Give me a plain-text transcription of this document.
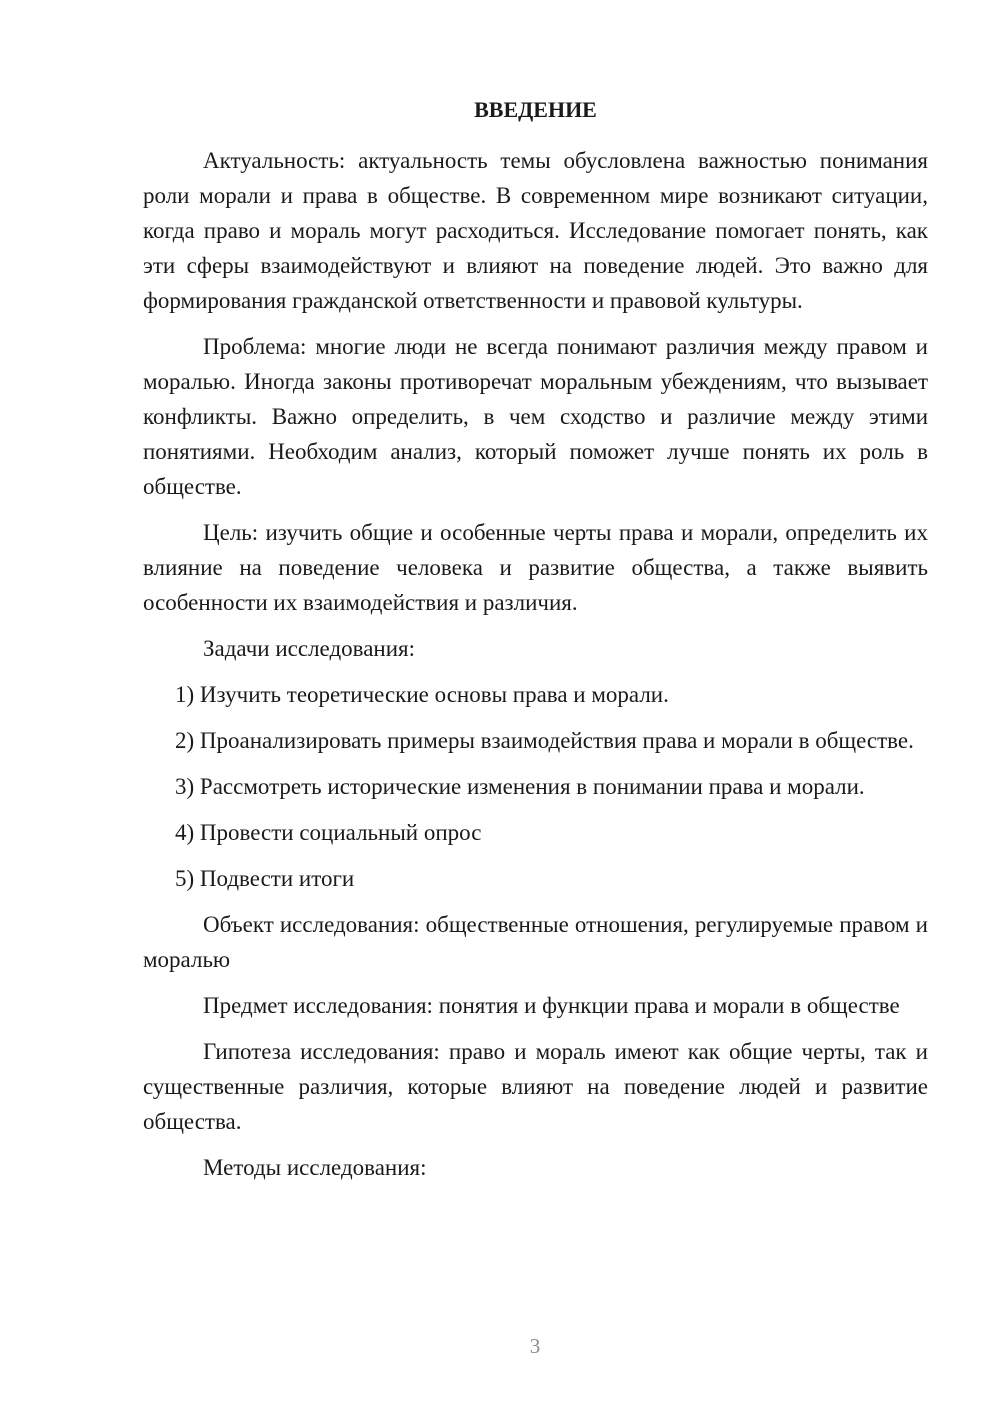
ВВЕДЕНИЕ

Актуальность: актуальность темы обусловлена важностью понимания роли морали и права в обществе. В современном мире возникают ситуации, когда право и мораль могут расходиться. Исследование помогает понять, как эти сферы взаимодействуют и влияют на поведение людей. Это важно для формирования гражданской ответственности и правовой культуры.

Проблема: многие люди не всегда понимают различия между правом и моралью. Иногда законы противоречат моральным убеждениям, что вызывает конфликты. Важно определить, в чем сходство и различие между этими понятиями. Необходим анализ, который поможет лучше понять их роль в обществе.

Цель: изучить общие и особенные черты права и морали, определить их влияние на поведение человека и развитие общества, а также выявить особенности их взаимодействия и различия.

Задачи исследования:

1) Изучить теоретические основы права и морали.

2) Проанализировать примеры взаимодействия права и морали в обществе.

3) Рассмотреть исторические изменения в понимании права и морали.

4) Провести социальный опрос

5) Подвести итоги

Объект исследования: общественные отношения, регулируемые правом и моралью

Предмет исследования: понятия и функции права и морали в обществе

Гипотеза исследования: право и мораль имеют как общие черты, так и существенные различия, которые влияют на поведение людей и развитие общества.

Методы исследования:

3
